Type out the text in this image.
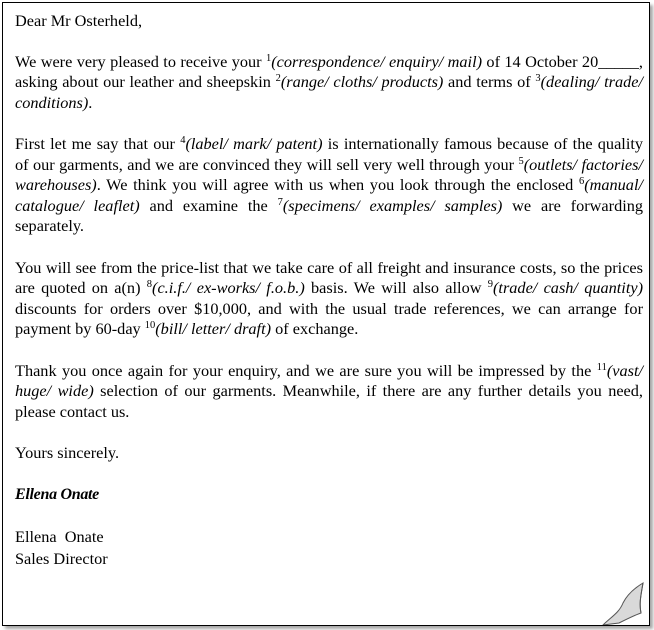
Dear Mr Osterheld,

We were very pleased to receive your $^1$(correspondence/ enquiry/ mail) of 14 October 20_____, asking about our leather and sheepskin $^2$(range/ cloths/ products) and terms of $^3$(dealing/ trade/ conditions).

First let me say that our $^4$(label/ mark/ patent) is internationally famous because of the quality of our garments, and we are convinced they will sell very well through your $^5$(outlets/ factories/ warehouses). We think you will agree with us when you look through the enclosed $^6$(manual/ catalogue/ leaflet) and examine the $^7$(specimens/ examples/ samples) we are forwarding separately.

You will see from the price-list that we take care of all freight and insurance costs, so the prices are quoted on a(n) $^8$(c.i.f./ ex-works/ f.o.b.) basis. We will also allow $^9$(trade/ cash/ quantity) discounts for orders over $10,000, and with the usual trade references, we can arrange for payment by 60-day $^{10}$(bill/ letter/ draft) of exchange.

Thank you once again for your enquiry, and we are sure you will be impressed by the $^{11}$(vast/ huge/ wide) selection of our garments. Meanwhile, if there are any further details you need, please contact us.

Yours sincerely.

Ellena Onate

Ellena  Onate
Sales Director
